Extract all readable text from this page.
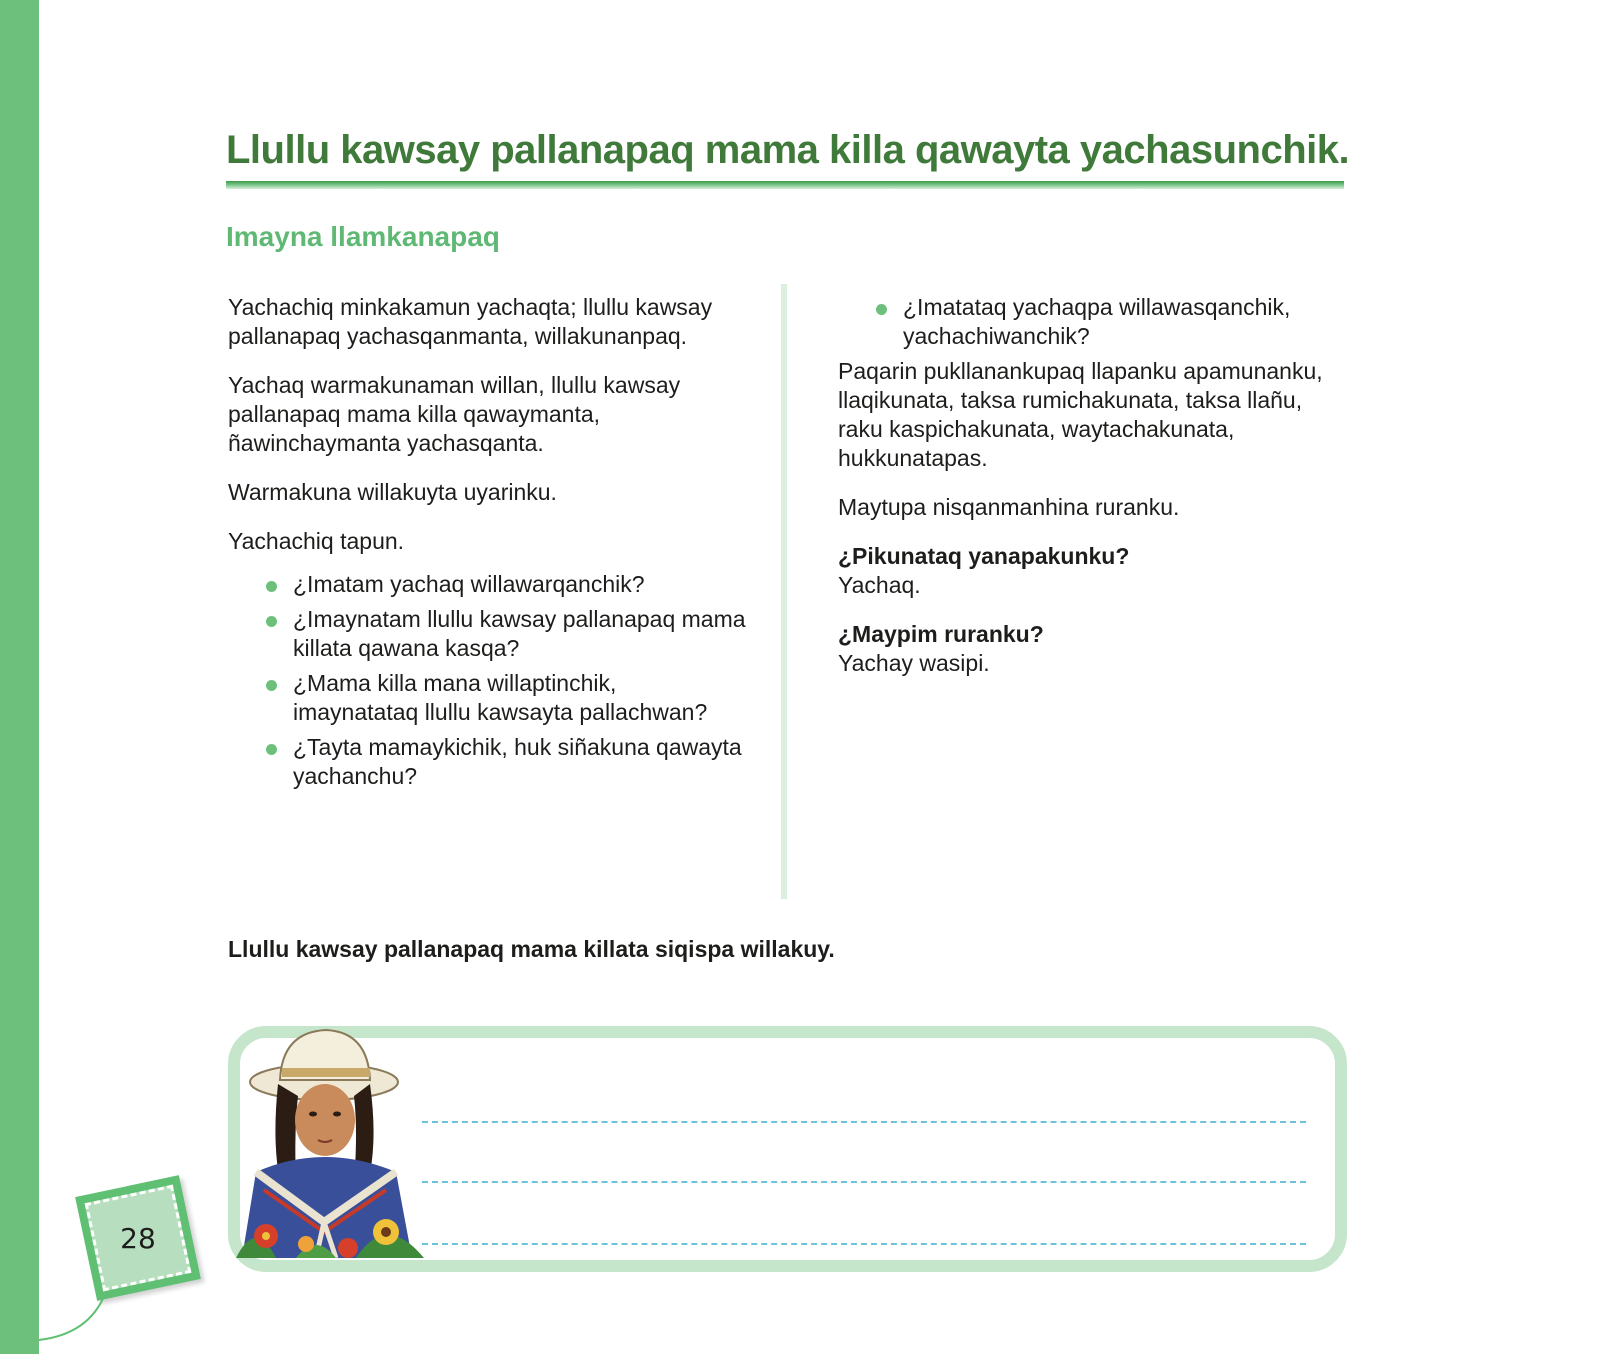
Llullu kawsay pallanapaq mama killa qawayta yachasunchik.
Imayna llamkanapaq

Yachachiq minkakamun yachaqta; llullu kawsay pallanapaq yachasqanmanta, willakunanpaq.

Yachaq warmakunaman willan, llullu kawsay pallanapaq mama killa qawaymanta, ñawinchaymanta yachasqanta.

Warmakuna willakuyta uyarinku.

Yachachiq tapun.

¿Imatam yachaq willawarqanchik?
¿Imaynatam llullu kawsay pallanapaq mama killata qawana kasqa?
¿Mama killa mana willaptinchik, imaynatataq llullu kawsayta pallachwan?
¿Tayta mamaykichik, huk siñakuna qawayta yachanchu?
¿Imatataq yachaqpa willawasqanchik, yachachiwanchik?

Paqarin pukllanankupaq llapanku apamunanku, llaqikunata, taksa rumichakunata, taksa llañu, raku kaspichakunata, waytachakunata, hukkunatapas.

Maytupa nisqanmanhina ruranku.

¿Pikunataq yanapakunku?

Yachaq.

¿Maypim ruranku?

Yachay wasipi.

Llullu kawsay pallanapaq mama killata siqispa willakuy.
28
